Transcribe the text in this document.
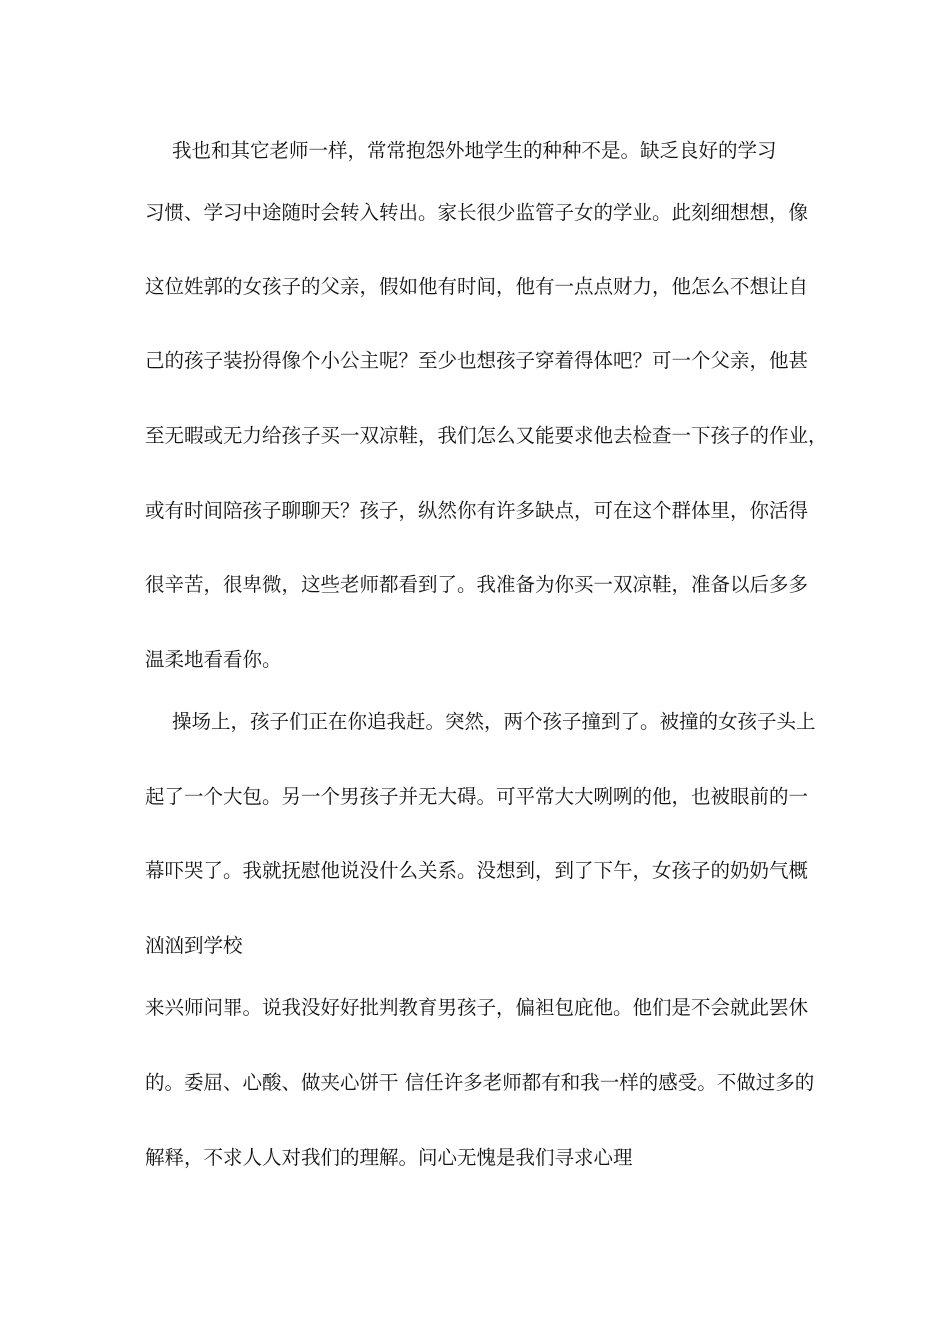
我也和其它老师一样，常常抱怨外地学生的种种不是。缺乏良好的学习
习惯、学习中途随时会转入转出。家长很少监管子女的学业。此刻细想想，像
这位姓郭的女孩子的父亲，假如他有时间，他有一点点财力，他怎么不想让自
己的孩子装扮得像个小公主呢？至少也想孩子穿着得体吧？可一个父亲，他甚
至无暇或无力给孩子买一双凉鞋，我们怎么又能要求他去检查一下孩子的作业，
或有时间陪孩子聊聊天？孩子，纵然你有许多缺点，可在这个群体里，你活得
很辛苦，很卑微，这些老师都看到了。我准备为你买一双凉鞋，准备以后多多
温柔地看看你。
操场上，孩子们正在你追我赶。突然，两个孩子撞到了。被撞的女孩子头上
起了一个大包。另一个男孩子并无大碍。可平常大大咧咧的他，也被眼前的一
幕吓哭了。我就抚慰他说没什么关系。没想到，到了下午，女孩子的奶奶气概
汹汹到学校
来兴师问罪。说我没好好批判教育男孩子，偏袒包庇他。他们是不会就此罢休
的。委屈、心酸、做夹心饼干 信任许多老师都有和我一样的感受。不做过多的
解释，不求人人对我们的理解。问心无愧是我们寻求心理
